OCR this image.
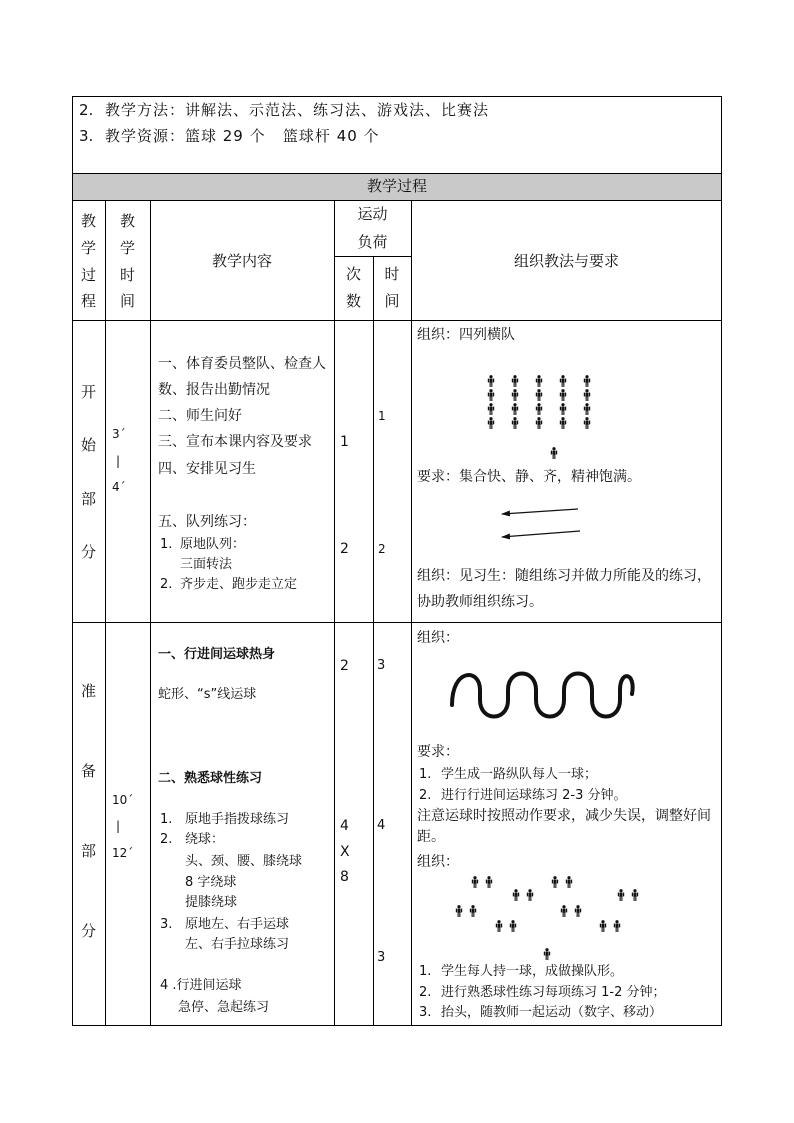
2. 教学方法：讲解法、示范法、练习法、游戏法、比赛法
3. 教学资源：篮球 29 个   篮球杆 40 个
教学过程
教
学
过
程
教
学
时
间
教学内容
运动
负荷
次
数
时
间
组织教法与要求
开
始
部
分
3´
|
4´
一、体育委员整队、检查人
数、报告出勤情况
二、师生问好
三、宣布本课内容及要求
四、安排见习生
五、队列练习：
1. 原地队列：
三面转法
2. 齐步走、跑步走立定
1
2
1
2
组织：四列横队
要求：集合快、静、齐，精神饱满。
组织：见习生：随组练习并做力所能及的练习，
协助教师组织练习。
准
备
部
分
10´
|
12´
一、行进间运球热身
蛇形、“s”线运球
二、熟悉球性练习
1. 原地手指拨球练习
2. 绕球：
头、颈、腰、膝绕球
8 字绕球
提膝绕球
3. 原地左、右手运球
左、右手拉球练习
4 .行进间运球
急停、急起练习
2
4
X
8
3
4
3
组织：
要求：
1. 学生成一路纵队每人一球；
2. 进行行进间运球练习 2-3 分钟。
注意运球时按照动作要求，减少失误，调整好间
距。
组织：
1. 学生每人持一球，成做操队形。
2. 进行熟悉球性练习每项练习 1-2 分钟；
3. 抬头，随教师一起运动（数字、移动）
